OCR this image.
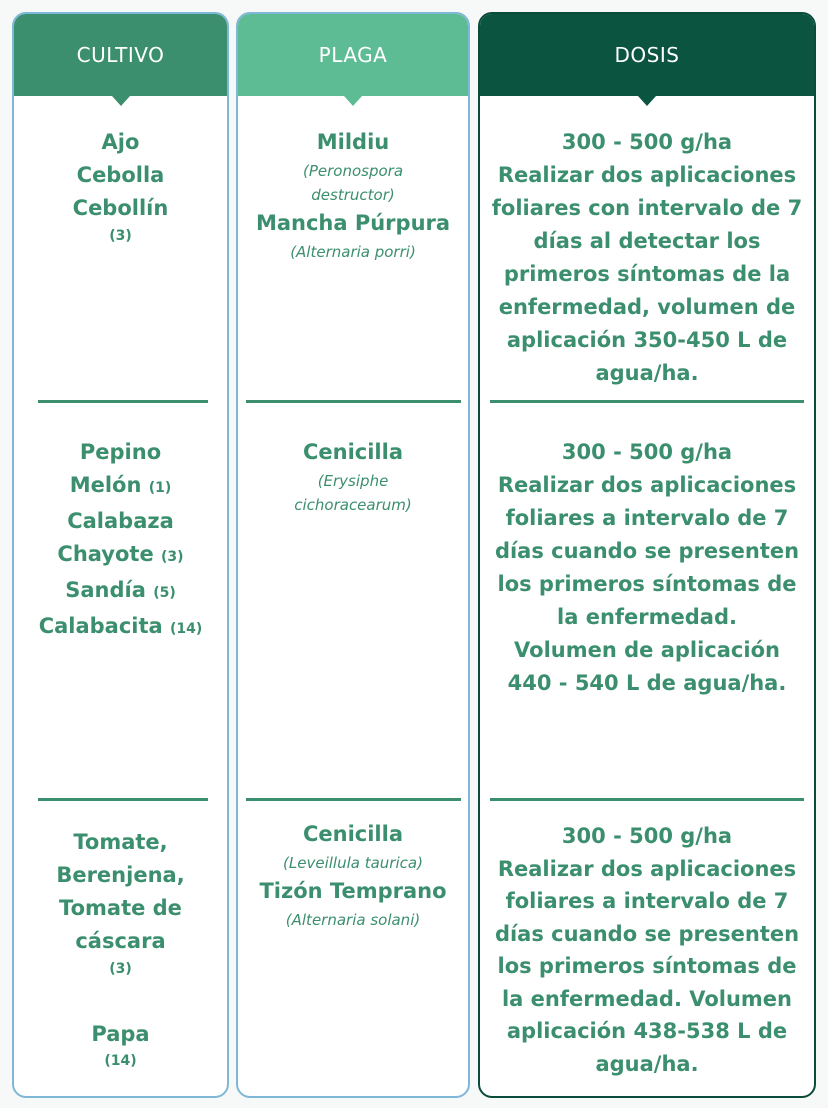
CULTIVO
Ajo
Cebolla
Cebollín
(3)
Pepino
Melón (1)
Calabaza
Chayote (3)
Sandía (5)
Calabacita (14)
Tomate,
Berenjena,
Tomate de
cáscara
(3)
Papa
(14)
PLAGA
Mildiu
(Peronospora
destructor)
Mancha Púrpura
(Alternaria porri)
Cenicilla
(Erysiphe
cichoracearum)
Cenicilla
(Leveillula taurica)
Tizón Temprano
(Alternaria solani)
DOSIS
300 - 500 g/ha
Realizar dos aplicaciones
foliares con intervalo de 7
días al detectar los
primeros síntomas de la
enfermedad, volumen de
aplicación 350-450 L de
agua/ha.
300 - 500 g/ha
Realizar dos aplicaciones
foliares a intervalo de 7
días cuando se presenten
los primeros síntomas de
la enfermedad.
Volumen de aplicación
440 - 540 L de agua/ha.
300 - 500 g/ha
Realizar dos aplicaciones
foliares a intervalo de 7
días cuando se presenten
los primeros síntomas de
la enfermedad. Volumen
aplicación 438-538 L de
agua/ha.
